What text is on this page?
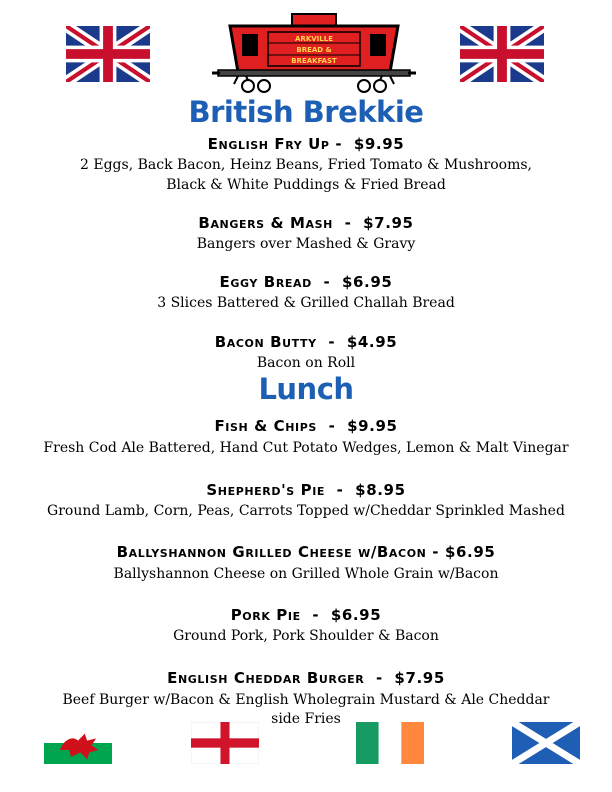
ARKVILLE
BREAD &
BREAKFAST
British Brekkie
English Fry Up -  $9.95
2 Eggs, Back Bacon, Heinz Beans, Fried Tomato & Mushrooms,
Black & White Puddings & Fried Bread
Bangers & Mash  -  $7.95
Bangers over Mashed & Gravy
Eggy Bread  -  $6.95
3 Slices Battered & Grilled Challah Bread
Bacon Butty  -  $4.95
Bacon on Roll
Lunch
Fish & Chips  -  $9.95
Fresh Cod Ale Battered, Hand Cut Potato Wedges, Lemon & Malt Vinegar
Shepherd's Pie  -  $8.95
Ground Lamb, Corn, Peas, Carrots Topped w/Cheddar Sprinkled Mashed
Ballyshannon Grilled Cheese w/Bacon - $6.95
Ballyshannon Cheese on Grilled Whole Grain w/Bacon
Pork Pie  -  $6.95
Ground Pork, Pork Shoulder & Bacon
English Cheddar Burger  -  $7.95
Beef Burger w/Bacon & English Wholegrain Mustard & Ale Cheddar
side Fries
